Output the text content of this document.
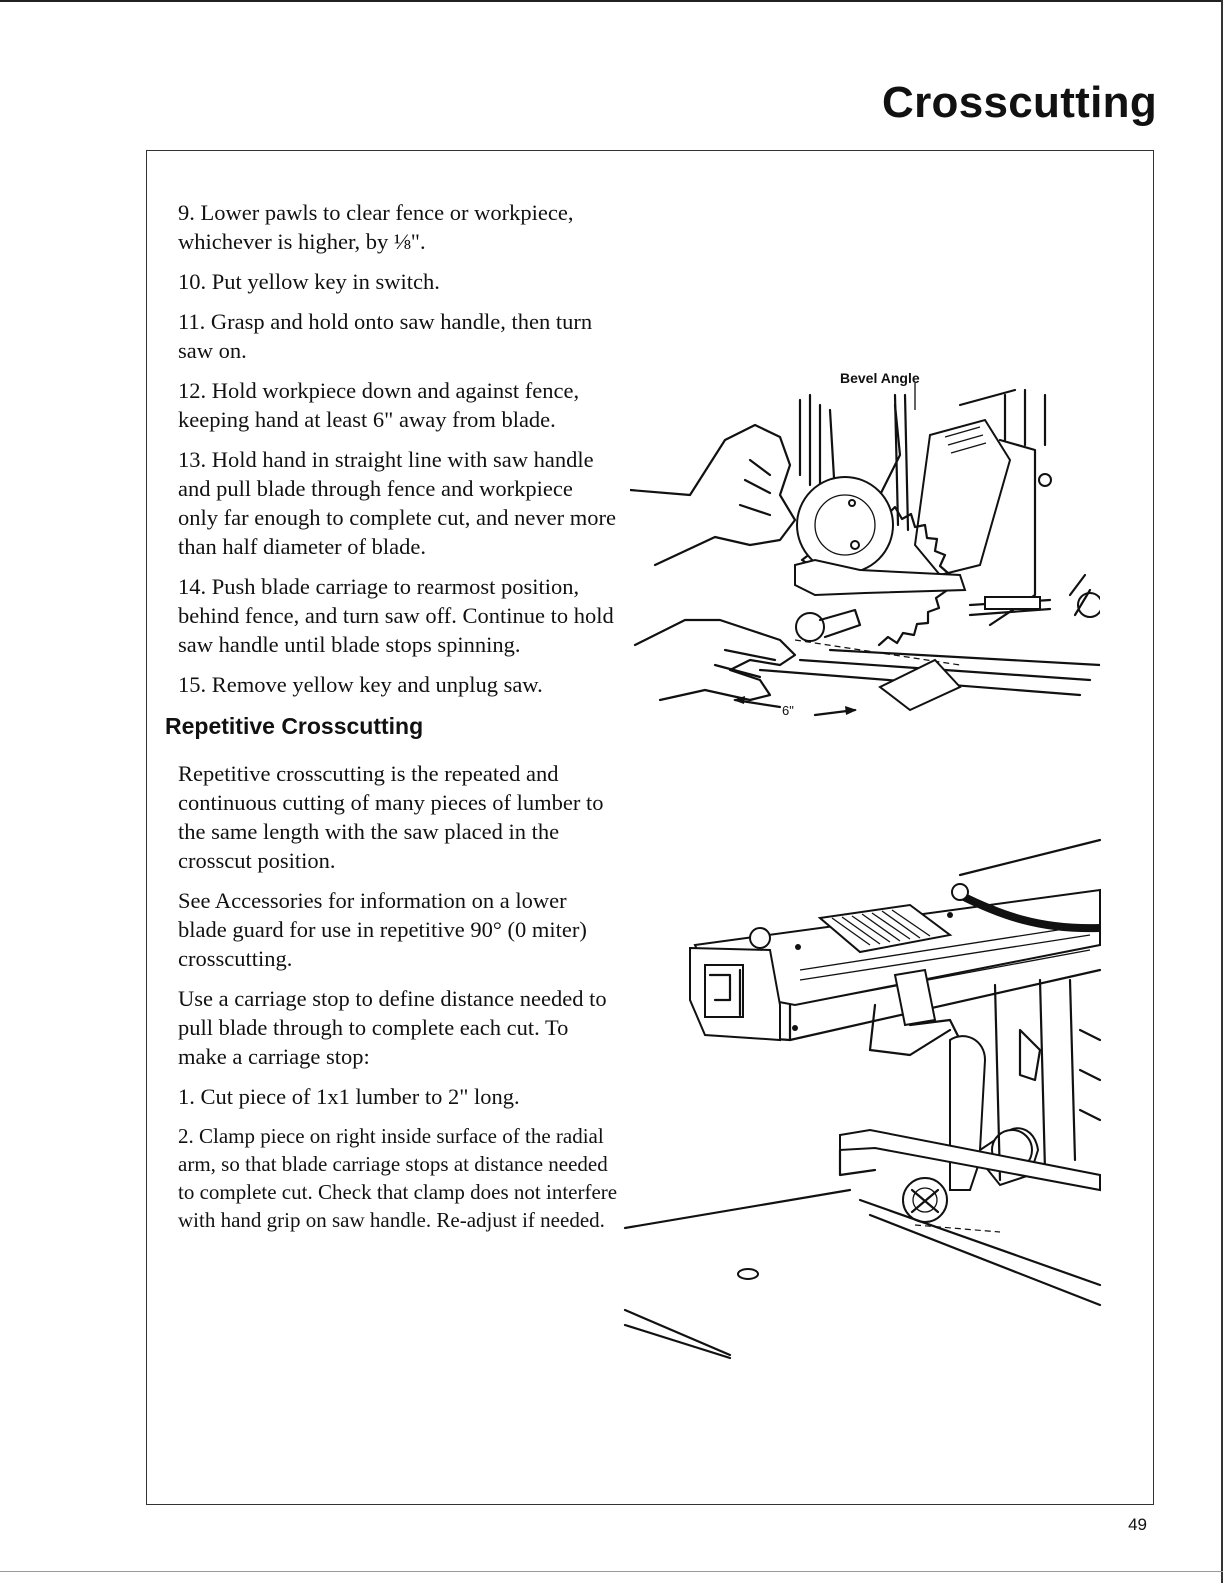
Crosscutting

9. Lower pawls to clear fence or workpiece, whichever is higher, by ⅛".

10. Put yellow key in switch.

11. Grasp and hold onto saw handle, then turn saw on.

12. Hold workpiece down and against fence, keeping hand at least 6" away from blade.

13. Hold hand in straight line with saw handle and pull blade through fence and workpiece only far enough to complete cut, and never more than half diameter of blade.

14. Push blade carriage to rearmost position, behind fence, and turn saw off. Continue to hold saw handle until blade stops spinning.

15. Remove yellow key and unplug saw.

Repetitive Crosscutting

Repetitive crosscutting is the repeated and continuous cutting of many pieces of lumber to the same length with the saw placed in the crosscut position.

See Accessories for information on a lower blade guard for use in repetitive 90° (0 miter) crosscutting.

Use a carriage stop to define distance needed to pull blade through to complete each cut. To make a carriage stop:

1. Cut piece of 1x1 lumber to 2" long.

2. Clamp piece on right inside surface of the radial arm, so that blade carriage stops at distance needed to complete cut. Check that clamp does not interfere with hand grip on saw handle. Re-adjust if needed.

Bevel Angle
6"
49
